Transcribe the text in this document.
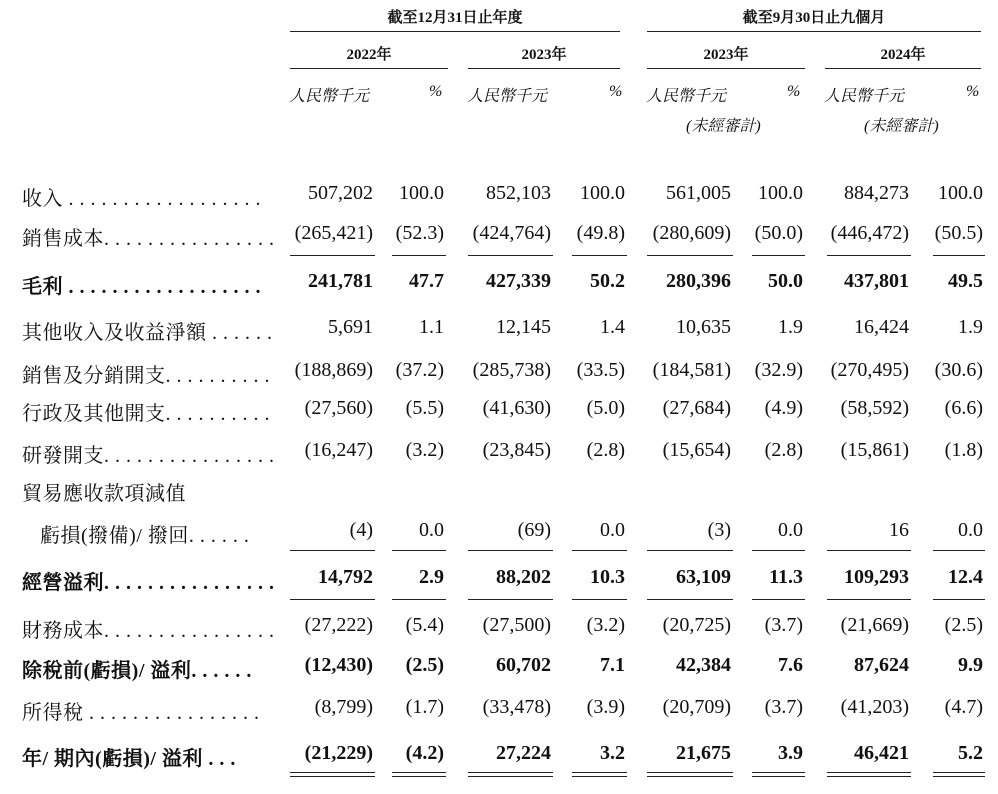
截至12月31日止年度	截至9月30日止九個月
2022年	2023年	2023年	2024年
人民幣千元	% 人民幣千元	% 人民幣千元	% 人民幣千元	%
(未經審計)	(未經審計)
收入 . . . . . . . . . . . . . . . . . . 507,202 100.0 852,103 100.0 561,005 100.0 884,273 100.0
銷售成本. . . . . . . . . . . . . . . . (265,421) (52.3) (424,764) (49.8) (280,609) (50.0) (446,472) (50.5)
毛利 . . . . . . . . . . . . . . . . . . 241,781 47.7 427,339 50.2 280,396 50.0 437,801 49.5
其他收入及收益淨額 . . . . . .	5,691 1.1	12,145 1.4	10,635 1.9	16,424 1.9
銷售及分銷開支. . . . . . . . . . (188,869) (37.2) (285,738) (33.5) (184,581) (32.9) (270,495) (30.6)
行政及其他開支. . . . . . . . . . (27,560) (5.5) (41,630) (5.0) (27,684) (4.9) (58,592) (6.6)
研發開支. . . . . . . . . . . . . . . . (16,247) (3.2) (23,845) (2.8) (15,654) (2.8) (15,861) (1.8)
貿易應收款項減值
虧損(撥備)/ 撥回. . . . . .	(4) 0.0	(69) 0.0	(3) 0.0	16 0.0
經營溢利. . . . . . . . . . . . . . . . 14,792 2.9	88,202 10.3	63,109 11.3 109,293 12.4
財務成本. . . . . . . . . . . . . . . . (27,222) (5.4) (27,500) (3.2) (20,725) (3.7) (21,669) (2.5)
除稅前(虧損)/ 溢利. . . . . .	(12,430) (2.5)	60,702 7.1	42,384 7.6	87,624 9.9
所得稅 . . . . . . . . . . . . . . . .	(8,799) (1.7) (33,478) (3.9) (20,709) (3.7) (41,203) (4.7)
年/ 期內(虧損)/ 溢利 . . .	(21,229) (4.2)	27,224 3.2	21,675 3.9	46,421 5.2
